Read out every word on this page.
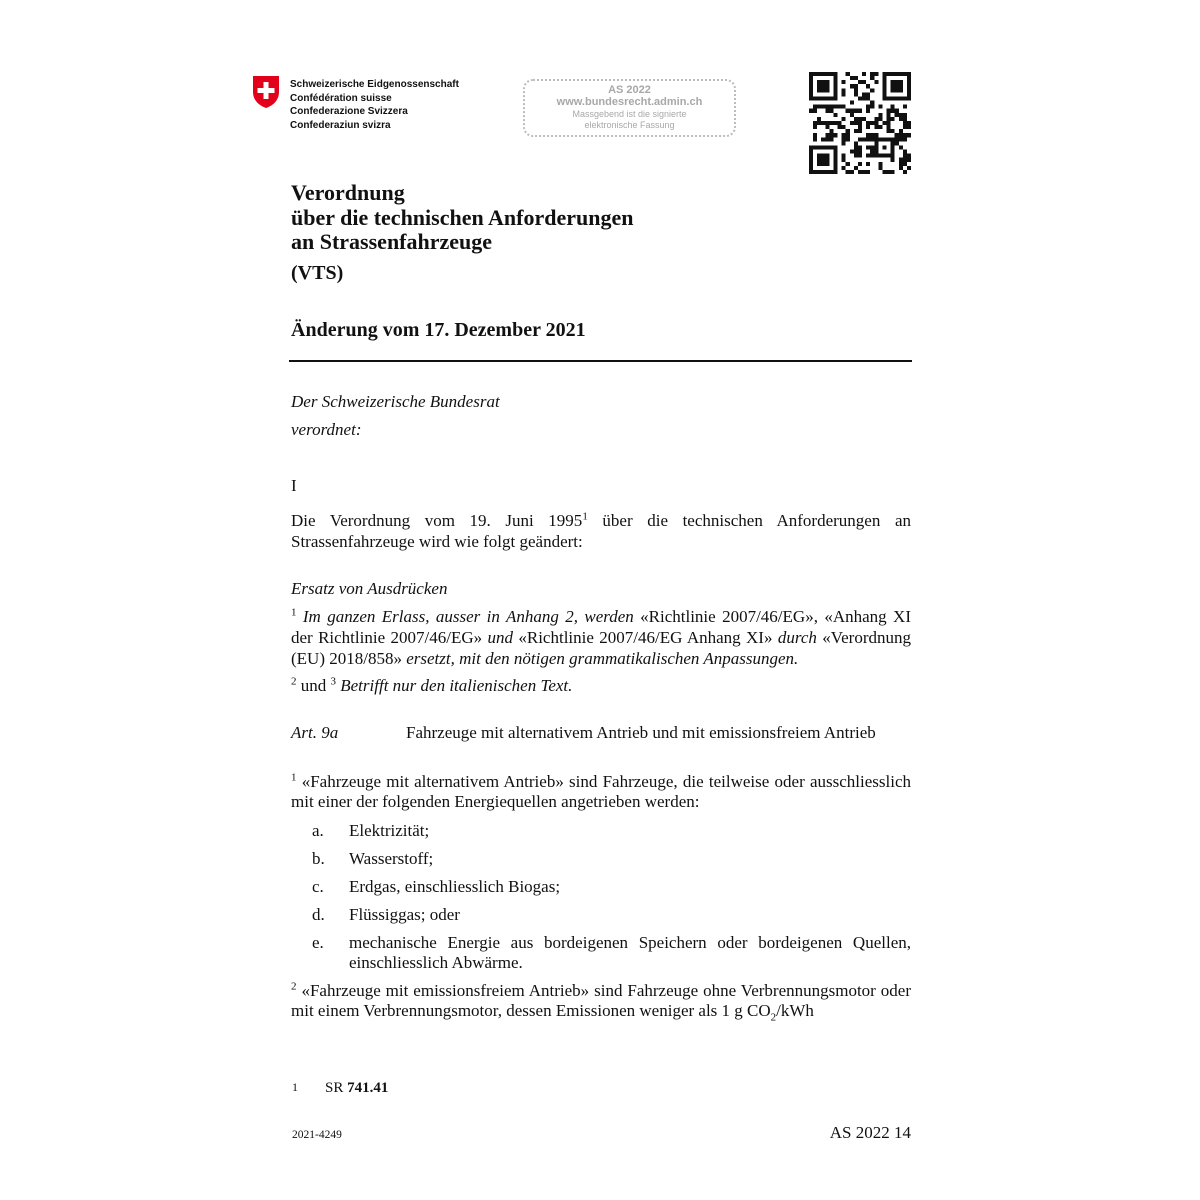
Schweizerische Eidgenossenschaft
Confédération suisse
Confederazione Svizzera
Confederaziun svizra
AS 2022
www.bundesrecht.admin.ch
Massgebend ist die signierte
elektronische Fassung
Verordnung
über die technischen Anforderungen
an Strassenfahrzeuge
(VTS)
Änderung vom 17. Dezember 2021
Der Schweizerische Bundesrat
verordnet:
I
Die Verordnung vom 19. Juni 1995$^1$ über die technischen Anforderungen an Strassenfahrzeuge wird wie folgt geändert:
Ersatz von Ausdrücken
$^1$ Im ganzen Erlass, ausser in Anhang 2, werden «Richtlinie 2007/46/EG», «Anhang XI der Richtlinie 2007/46/EG» und «Richtlinie 2007/46/EG Anhang XI» durch «Verordnung (EU) 2018/858» ersetzt, mit den nötigen grammatikalischen Anpassungen.
$^2$ und $^3$ Betrifft nur den italienischen Text.
Art. 9a	Fahrzeuge mit alternativem Antrieb und mit emissionsfreiem Antrieb
$^1$ «Fahrzeuge mit alternativem Antrieb» sind Fahrzeuge, die teilweise oder ausschliesslich mit einer der folgenden Energiequellen angetrieben werden:
a. Elektrizität;
b. Wasserstoff;
c. Erdgas, einschliesslich Biogas;
d. Flüssiggas; oder
e. mechanische Energie aus bordeigenen Speichern oder bordeigenen Quellen, einschliesslich Abwärme.
$^2$ «Fahrzeuge mit emissionsfreiem Antrieb» sind Fahrzeuge ohne Verbrennungsmotor oder mit einem Verbrennungsmotor, dessen Emissionen weniger als 1 g $CO_2$/kWh
1 SR 741.41
2021-4249	AS 2022 14
